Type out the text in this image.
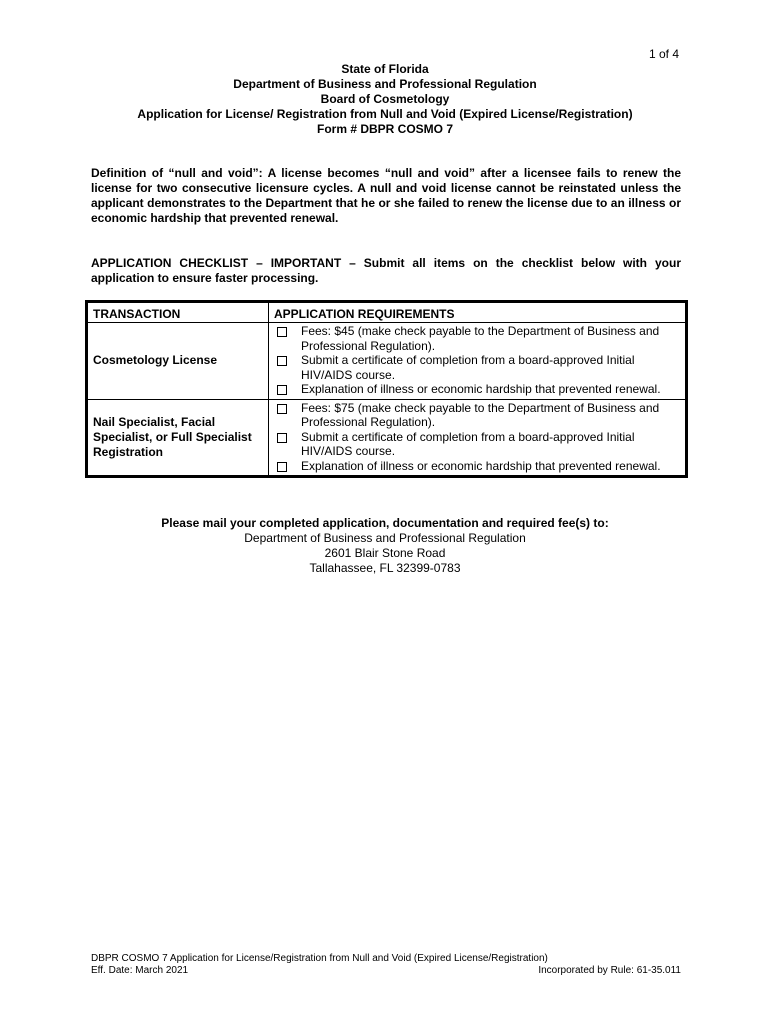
1 of 4
State of Florida
Department of Business and Professional Regulation
Board of Cosmetology
Application for License/ Registration from Null and Void (Expired License/Registration)
Form # DBPR COSMO 7
Definition of “null and void”: A license becomes “null and void” after a licensee fails to renew the license for two consecutive licensure cycles. A null and void license cannot be reinstated unless the applicant demonstrates to the Department that he or she failed to renew the license due to an illness or economic hardship that prevented renewal.
APPLICATION CHECKLIST – IMPORTANT – Submit all items on the checklist below with your application to ensure faster processing.
TRANSACTION	APPLICATION REQUIREMENTS
Cosmetology License	Fees: $45 (make check payable to the Department of Business and Professional Regulation).
Submit a certificate of completion from a board-approved Initial HIV/AIDS course.
Explanation of illness or economic hardship that prevented renewal.

Nail Specialist, Facial Specialist, or Full Specialist Registration	Fees: $75 (make check payable to the Department of Business and Professional Regulation).
Submit a certificate of completion from a board-approved Initial HIV/AIDS course.
Explanation of illness or economic hardship that prevented renewal.
Please mail your completed application, documentation and required fee(s) to:
Department of Business and Professional Regulation
2601 Blair Stone Road
Tallahassee, FL 32399-0783
DBPR COSMO 7 Application for License/Registration from Null and Void (Expired License/Registration)
Eff. Date: March 2021	Incorporated by Rule: 61-35.011
